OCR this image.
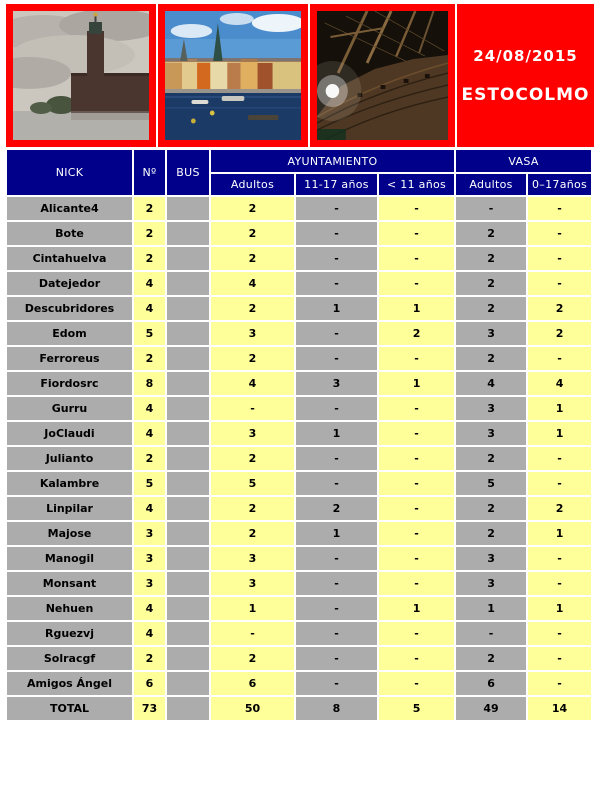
24/08/2015
ESTOCOLMO
NICK	Nº	BUS	AYUNTAMIENTO			VASA	
			Adultos	11-17 años	< 11 años	Adultos	0–17años
Alicante4	2		2	-	-	-	-
Bote	2		2	-	-	2	-
Cintahuelva	2		2	-	-	2	-
Datejedor	4		4	-	-	2	-
Descubridores	4		2	1	1	2	2
Edom	5		3	-	2	3	2
Ferroreus	2		2	-	-	2	-
Fiordosrc	8		4	3	1	4	4
Gurru	4		-	-	-	3	1
JoClaudi	4		3	1	-	3	1
Julianto	2		2	-	-	2	-
Kalambre	5		5	-	-	5	-
Linpilar	4		2	2	-	2	2
Majose	3		2	1	-	2	1
Manogil	3		3	-	-	3	-
Monsant	3		3	-	-	3	-
Nehuen	4		1	-	1	1	1
Rguezvj	4		-	-	-	-	-
Solracgf	2		2	-	-	2	-
Amigos Ángel	6		6	-	-	6	-
TOTAL	73		50	8	5	49	14
